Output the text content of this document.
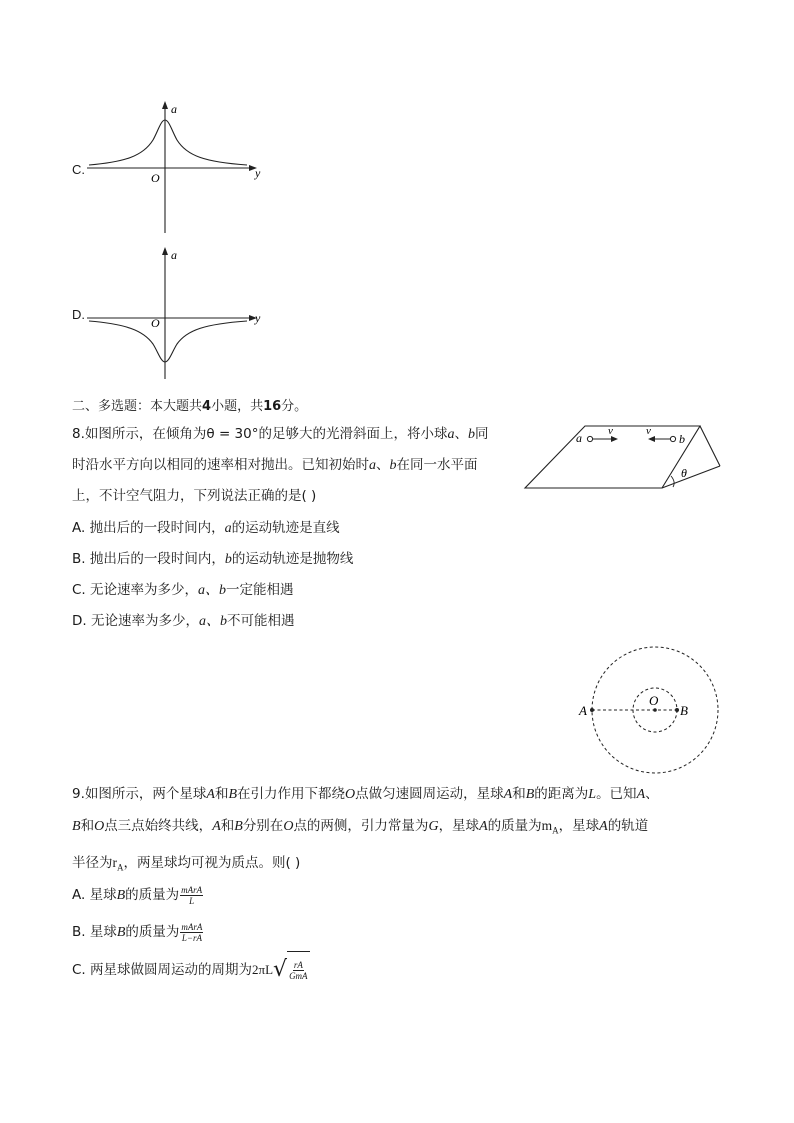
C.
a
y
O
D.
a
y
O
二、多选题：本大题共4小题，共16分。
8.如图所示，在倾角为θ = 30°的足够大的光滑斜面上，将小球a、b同
时沿水平方向以相同的速率相对抛出。已知初始时a、b在同一水平面
上，不计空气阻力，下列说法正确的是( )
A. 抛出后的一段时间内，a的运动轨迹是直线
B. 抛出后的一段时间内，b的运动轨迹是抛物线
C. 无论速率为多少，a、b一定能相遇
D. 无论速率为多少，a、b不可能相遇
θ
a v	v
b
A
O
B
9.如图所示，两个星球A和B在引力作用下都绕O点做匀速圆周运动，星球A和B的距离为L。已知A、
B和O点三点始终共线，A和B分别在O点的两侧，引力常量为G，星球A的质量为$m_A$，星球A的轨道
半径为$r_A$，两星球均可视为质点。则( )
A. 星球B的质量为 $\frac{\text{mArA}}{L}$
B. 星球B的质量为 $\frac{\text{mArA}}{L-rA}$
C. 两星球做圆周运动的周期为2πL √ $\frac{rA}{\text{GmA}}$
